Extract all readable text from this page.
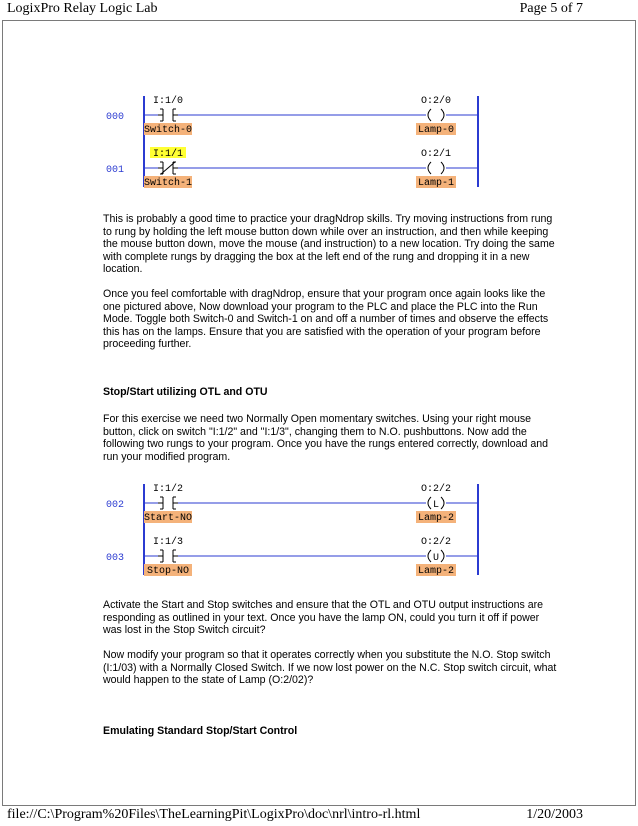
LogixPro Relay Logic Lab	Page 5 of 7
000
I:1/0
Switch-0
O:2/0
Lamp-0
001
I:1/1
Switch-1
O:2/1
Lamp-1

This is probably a good time to practice your dragNdrop skills. Try moving instructions from rung to rung by holding the left mouse button down while over an instruction, and then while keeping the mouse button down, move the mouse (and instruction) to a new location. Try doing the same with complete rungs by dragging the box at the left end of the rung and dropping it in a new location.

Once you feel comfortable with dragNdrop, ensure that your program once again looks like the one pictured above, Now download your program to the PLC and place the PLC into the Run Mode. Toggle both Switch-0 and Switch-1 on and off a number of times and observe the effects this has on the lamps. Ensure that you are satisfied with the operation of your program before proceeding further.

Stop/Start utilizing OTL and OTU

For this exercise we need two Normally Open momentary switches. Using your right mouse button, click on switch "I:1/2" and "I:1/3", changing them to N.O. pushbuttons. Now add the following two rungs to your program. Once you have the rungs entered correctly, download and run your modified program.

002
I:1/2
Start-NO
L
O:2/2
Lamp-2
003
I:1/3
Stop-NO
U
O:2/2
Lamp-2

Activate the Start and Stop switches and ensure that the OTL and OTU output instructions are responding as outlined in your text. Once you have the lamp ON, could you turn it off if power was lost in the Stop Switch circuit?

Now modify your program so that it operates correctly when you substitute the N.O. Stop switch (I:1/03) with a Normally Closed Switch. If we now lost power on the N.C. Stop switch circuit, what would happen to the state of Lamp (O:2/02)?

Emulating Standard Stop/Start Control
file://C:\Program%20Files\TheLearningPit\LogixPro\doc\nrl\intro-rl.html	1/20/2003
